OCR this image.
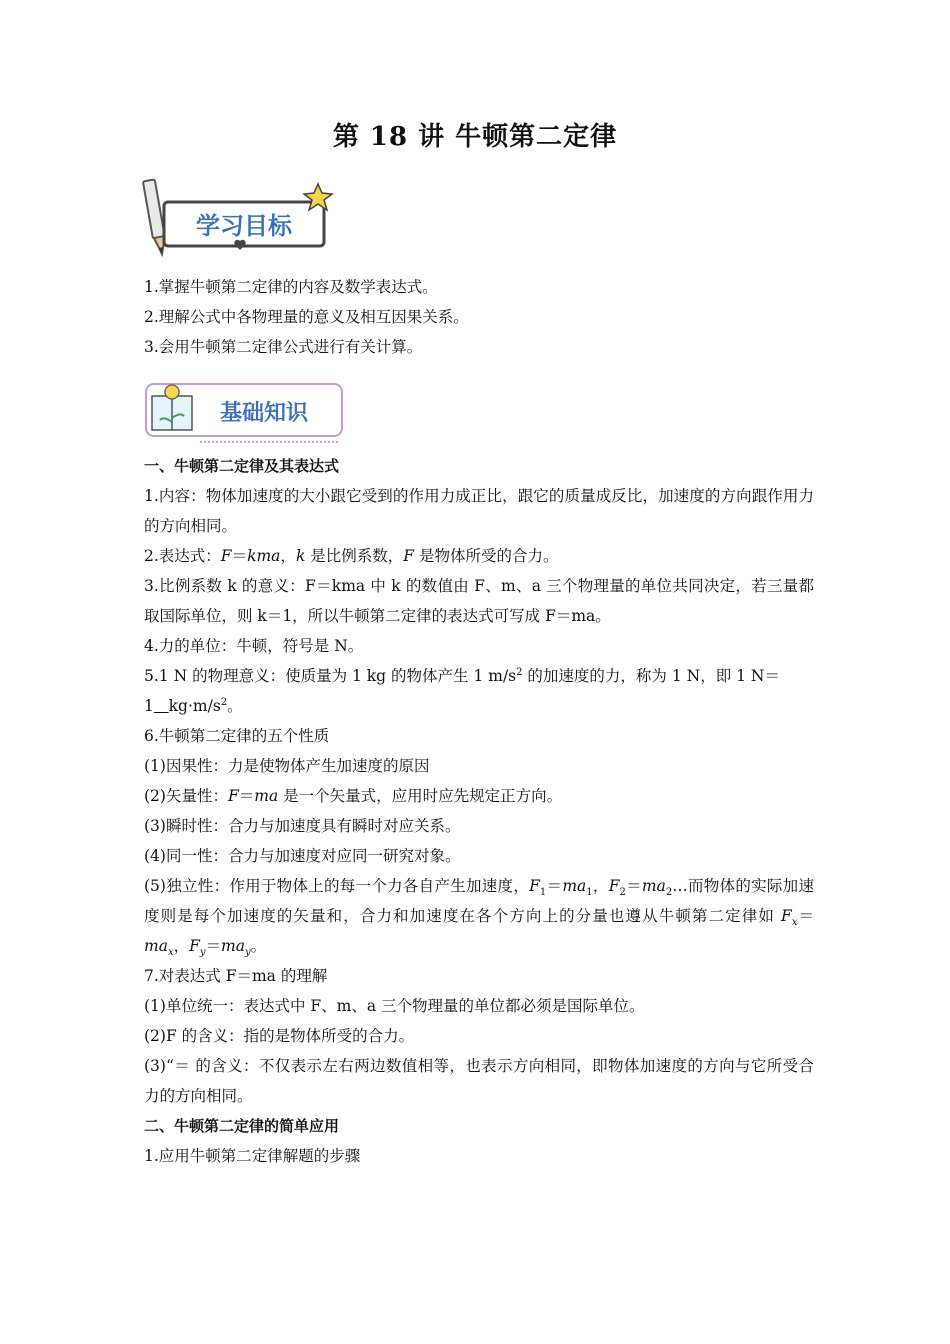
第 18 讲 牛顿第二定律
学习目标

1.掌握牛顿第二定律的内容及数学表达式。

2.理解公式中各物理量的意义及相互因果关系。

3.会用牛顿第二定律公式进行有关计算。

基础知识

一、牛顿第二定律及其表达式

1.内容：物体加速度的大小跟它受到的作用力成正比，跟它的质量成反比，加速度的方向跟作用力的方向相同。

2.表达式：F＝kma，k 是比例系数，F 是物体所受的合力。

3.比例系数 k 的意义：F＝kma 中 k 的数值由 F、m、a 三个物理量的单位共同决定，若三量都取国际单位，则 k＝1，所以牛顿第二定律的表达式可写成 F＝ma。

4.力的单位：牛顿，符号是 N。

5.1 N 的物理意义：使质量为 1 kg 的物体产生 1 $m/s^2$ 的加速度的力，称为 1 N，即 1 N＝
1 $kg\cdot m/s^2$。

6.牛顿第二定律的五个性质

(1)因果性：力是使物体产生加速度的原因

(2)矢量性：F＝ma 是一个矢量式，应用时应先规定正方向。

(3)瞬时性：合力与加速度具有瞬时对应关系。

(4)同一性：合力与加速度对应同一研究对象。

(5)独立性：作用于物体上的每一个力各自产生加速度，$F_1=ma_1$，$F_2=ma_2\dots$而物体的实际加速度则是每个加速度的矢量和，合力和加速度在各个方向上的分量也遵从牛顿第二定律如 $F_x=ma_x$，$F_y=ma_y$。

7.对表达式 F＝ma 的理解

(1)单位统一：表达式中 F、m、a 三个物理量的单位都必须是国际单位。

(2)F 的含义：指的是物体所受的合力。

(3)“＝ 的含义：不仅表示左右两边数值相等，也表示方向相同，即物体加速度的方向与它所受合力的方向相同。

二、牛顿第二定律的简单应用

1.应用牛顿第二定律解题的步骤
